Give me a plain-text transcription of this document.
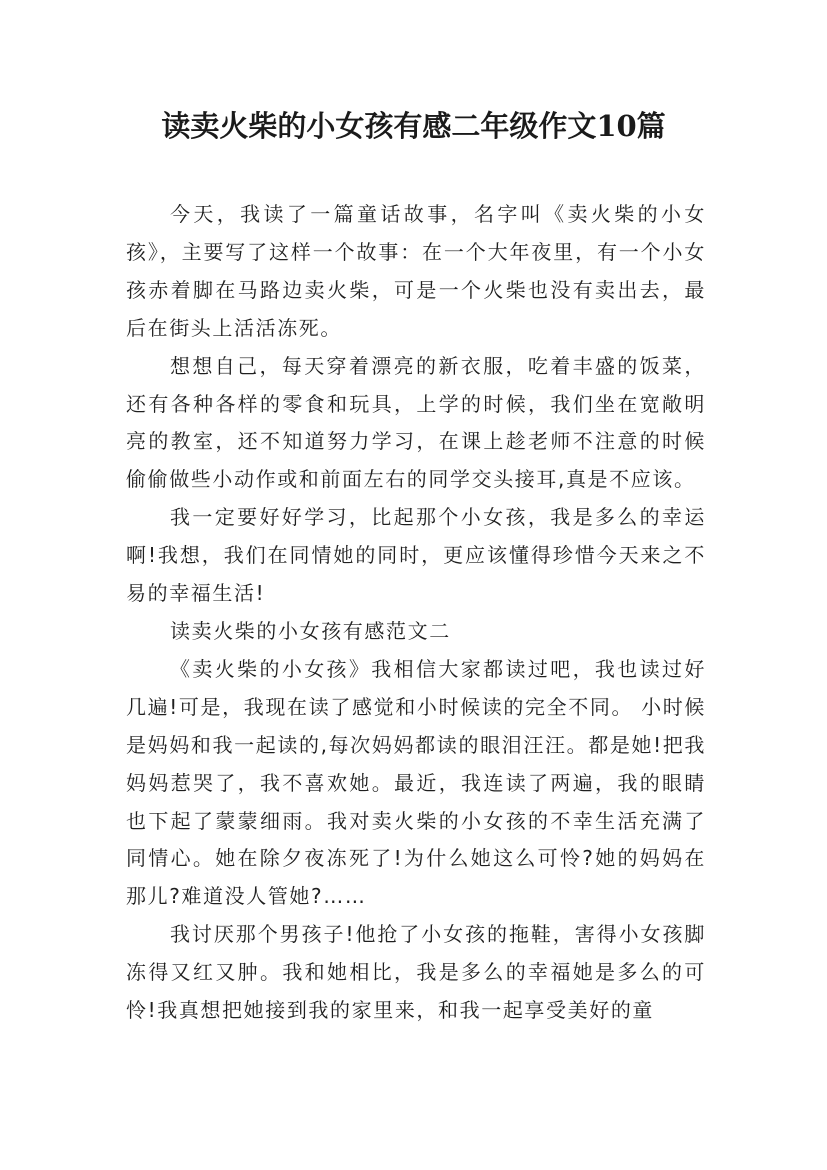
读卖火柴的小女孩有感二年级作文10篇

今天，我读了一篇童话故事，名字叫《卖火柴的小女孩》，主要写了这样一个故事：在一个大年夜里，有一个小女孩赤着脚在马路边卖火柴，可是一个火柴也没有卖出去，最后在街头上活活冻死。

想想自己，每天穿着漂亮的新衣服，吃着丰盛的饭菜，还有各种各样的零食和玩具，上学的时候，我们坐在宽敞明亮的教室，还不知道努力学习，在课上趁老师不注意的时候偷偷做些小动作或和前面左右的同学交头接耳,真是不应该。

我一定要好好学习，比起那个小女孩，我是多么的幸运啊!我想，我们在同情她的同时，更应该懂得珍惜今天来之不易的幸福生活!

读卖火柴的小女孩有感范文二

《卖火柴的小女孩》我相信大家都读过吧，我也读过好几遍!可是，我现在读了感觉和小时候读的完全不同。 小时候是妈妈和我一起读的,每次妈妈都读的眼泪汪汪。都是她!把我妈妈惹哭了，我不喜欢她。最近，我连读了两遍，我的眼睛也下起了蒙蒙细雨。我对卖火柴的小女孩的不幸生活充满了同情心。她在除夕夜冻死了!为什么她这么可怜?她的妈妈在那儿?难道没人管她?……

我讨厌那个男孩子!他抢了小女孩的拖鞋，害得小女孩脚冻得又红又肿。我和她相比，我是多么的幸福她是多么的可怜!我真想把她接到我的家里来，和我一起享受美好的童
